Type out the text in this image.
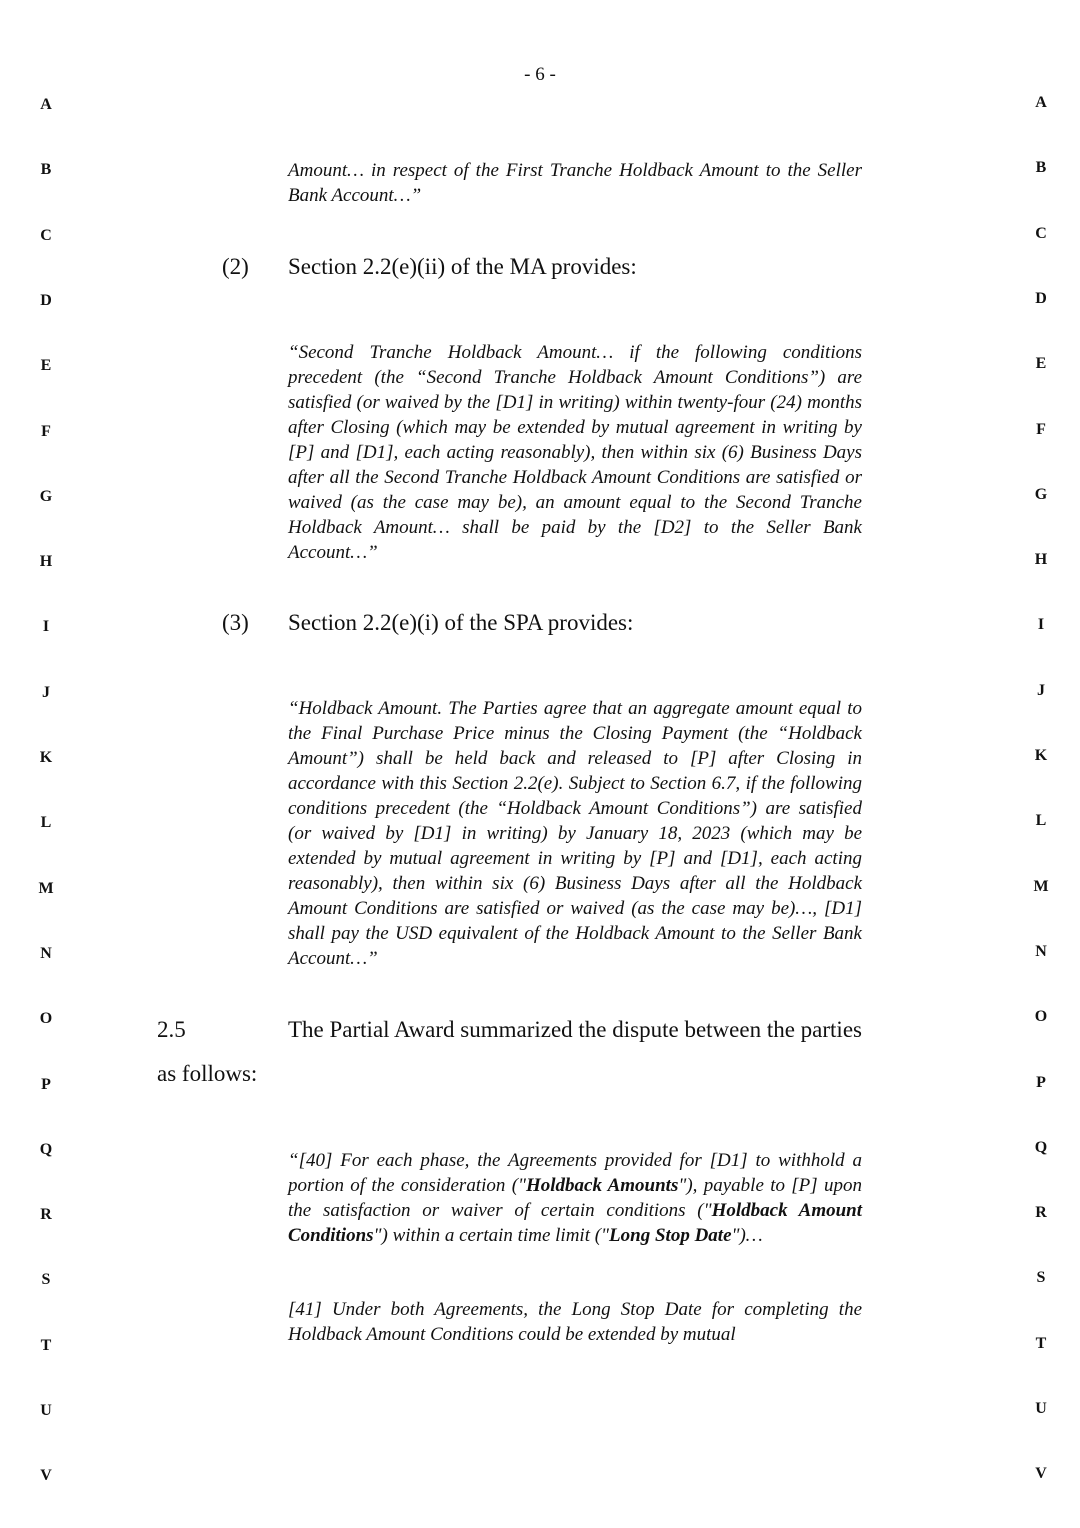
- 6 -
A	A
B	B
C	C
D	D
E	E
F	F
G	G
H	H
I	I
J	J
K	K
L	L
M	M
N	N
O	O
P	P
Q	Q
R	R
S	S
T	T
U	U
V	V

Amount… in respect of the First Tranche Holdback Amount to the Seller Bank Account…”

(2) Section 2.2(e)(ii) of the MA provides:

“Second Tranche Holdback Amount… if the following conditions precedent (the “Second Tranche Holdback Amount Conditions”) are satisfied (or waived by the [D1] in writing) within twenty-four (24) months after Closing (which may be extended by mutual agreement in writing by [P] and [D1], each acting reasonably), then within six (6) Business Days after all the Second Tranche Holdback Amount Conditions are satisfied or waived (as the case may be), an amount equal to the Second Tranche Holdback Amount… shall be paid by the [D2] to the Seller Bank Account…”

(3) Section 2.2(e)(i) of the SPA provides:

“Holdback Amount. The Parties agree that an aggregate amount equal to the Final Purchase Price minus the Closing Payment (the “Holdback Amount”) shall be held back and released to [P] after Closing in accordance with this Section 2.2(e). Subject to Section 6.7, if the following conditions precedent (the “Holdback Amount Conditions”) are satisfied (or waived by [D1] in writing) by January 18, 2023 (which may be extended by mutual agreement in writing by [P] and [D1], each acting reasonably), then within six (6) Business Days after all the Holdback Amount Conditions are satisfied or waived (as the case may be)…, [D1] shall pay the USD equivalent of the Holdback Amount to the Seller Bank Account…”

2.5	The Partial Award summarized the dispute between the parties
as follows:

“[40] For each phase, the Agreements provided for [D1] to withhold a portion of the consideration ("Holdback Amounts"), payable to [P] upon the satisfaction or waiver of certain conditions ("Holdback Amount Conditions") within a certain time limit ("Long Stop Date")…

[41] Under both Agreements, the Long Stop Date for completing the Holdback Amount Conditions could be extended by mutual
